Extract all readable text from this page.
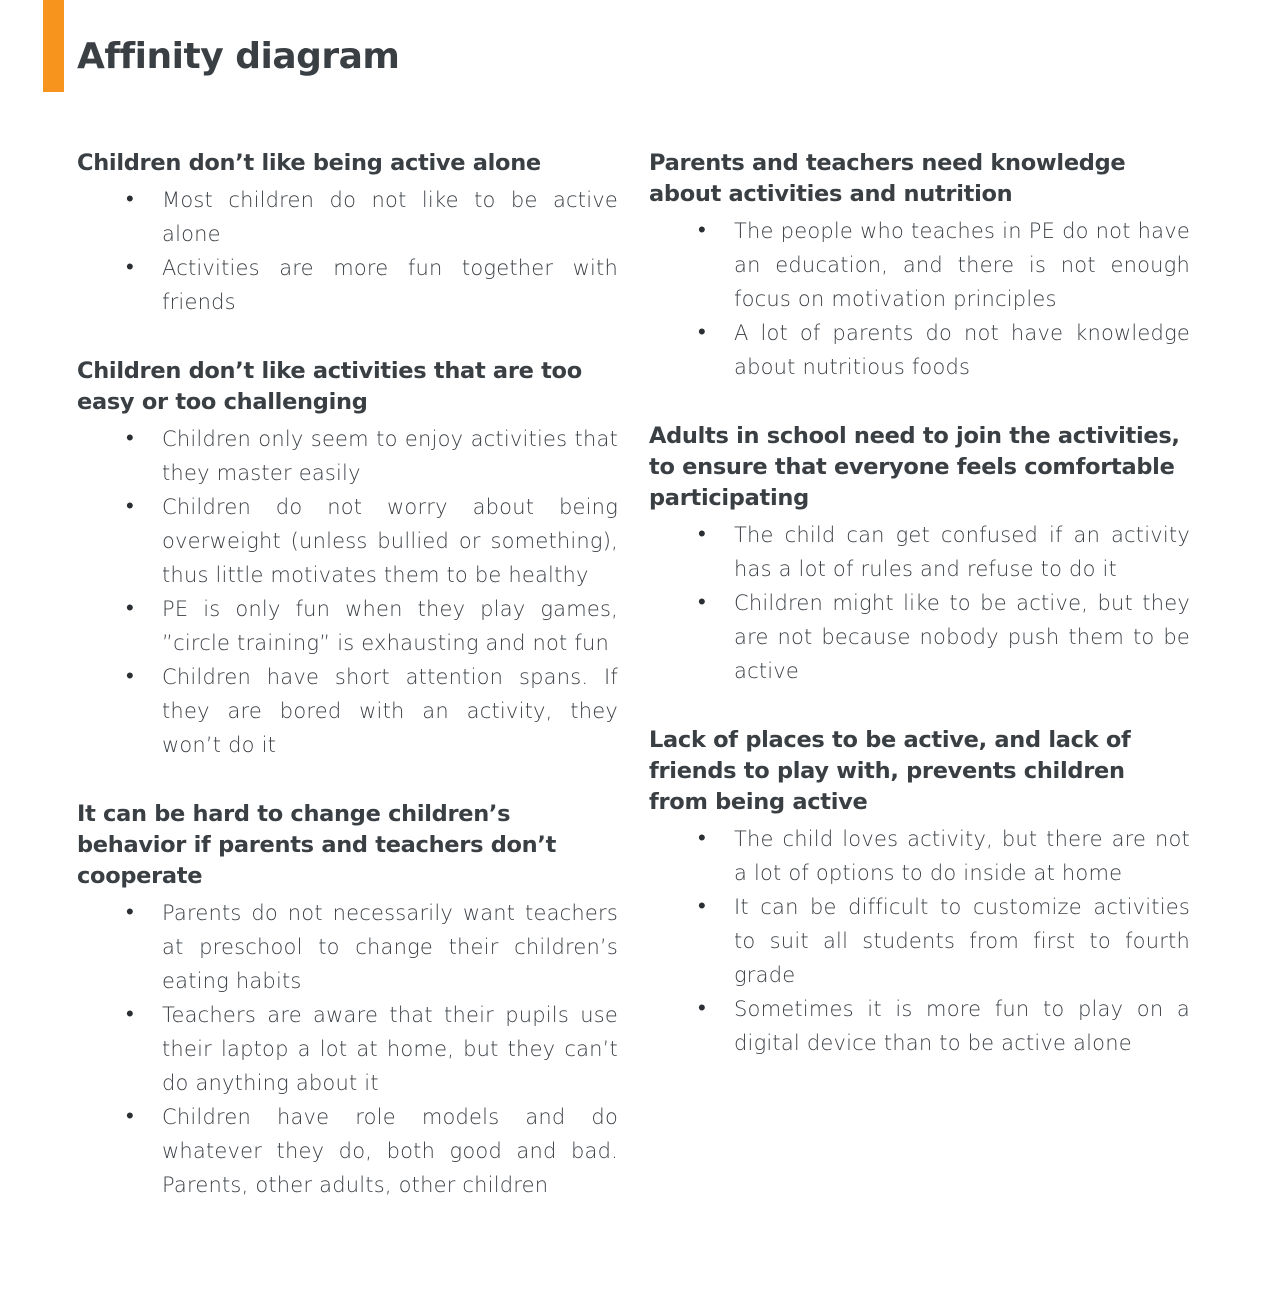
Affinity diagram
Children don’t like being active alone
• Most children do not like to be active alone
• Activities are more fun together with friends
Children don’t like activities that are too easy or too challenging
• Children only seem to enjoy activities that they master easily
• Children do not worry about being overweight (unless bullied or something), thus little motivates them to be healthy
• PE is only fun when they play games, ”circle training” is exhausting and not fun
• Children have short attention spans. If they are bored with an activity, they won’t do it
It can be hard to change children’s behavior if parents and teachers don’t cooperate
• Parents do not necessarily want teachers at preschool to change their children’s eating habits
• Teachers are aware that their pupils use their laptop a lot at home, but they can’t do anything about it
• Children have role models and do whatever they do, both good and bad. Parents, other adults, other children
Parents and teachers need knowledge about activities and nutrition
• The people who teaches in PE do not have an education, and there is not enough focus on motivation principles
• A lot of parents do not have knowledge about nutritious foods
Adults in school need to join the activities, to ensure that everyone feels comfortable participating
• The child can get confused if an activity has a lot of rules and refuse to do it
• Children might like to be active, but they are not because nobody push them to be active
Lack of places to be active, and lack of friends to play with, prevents children from being active
• The child loves activity, but there are not a lot of options to do inside at home
• It can be difficult to customize activities to suit all students from first to fourth grade
• Sometimes it is more fun to play on a digital device than to be active alone
